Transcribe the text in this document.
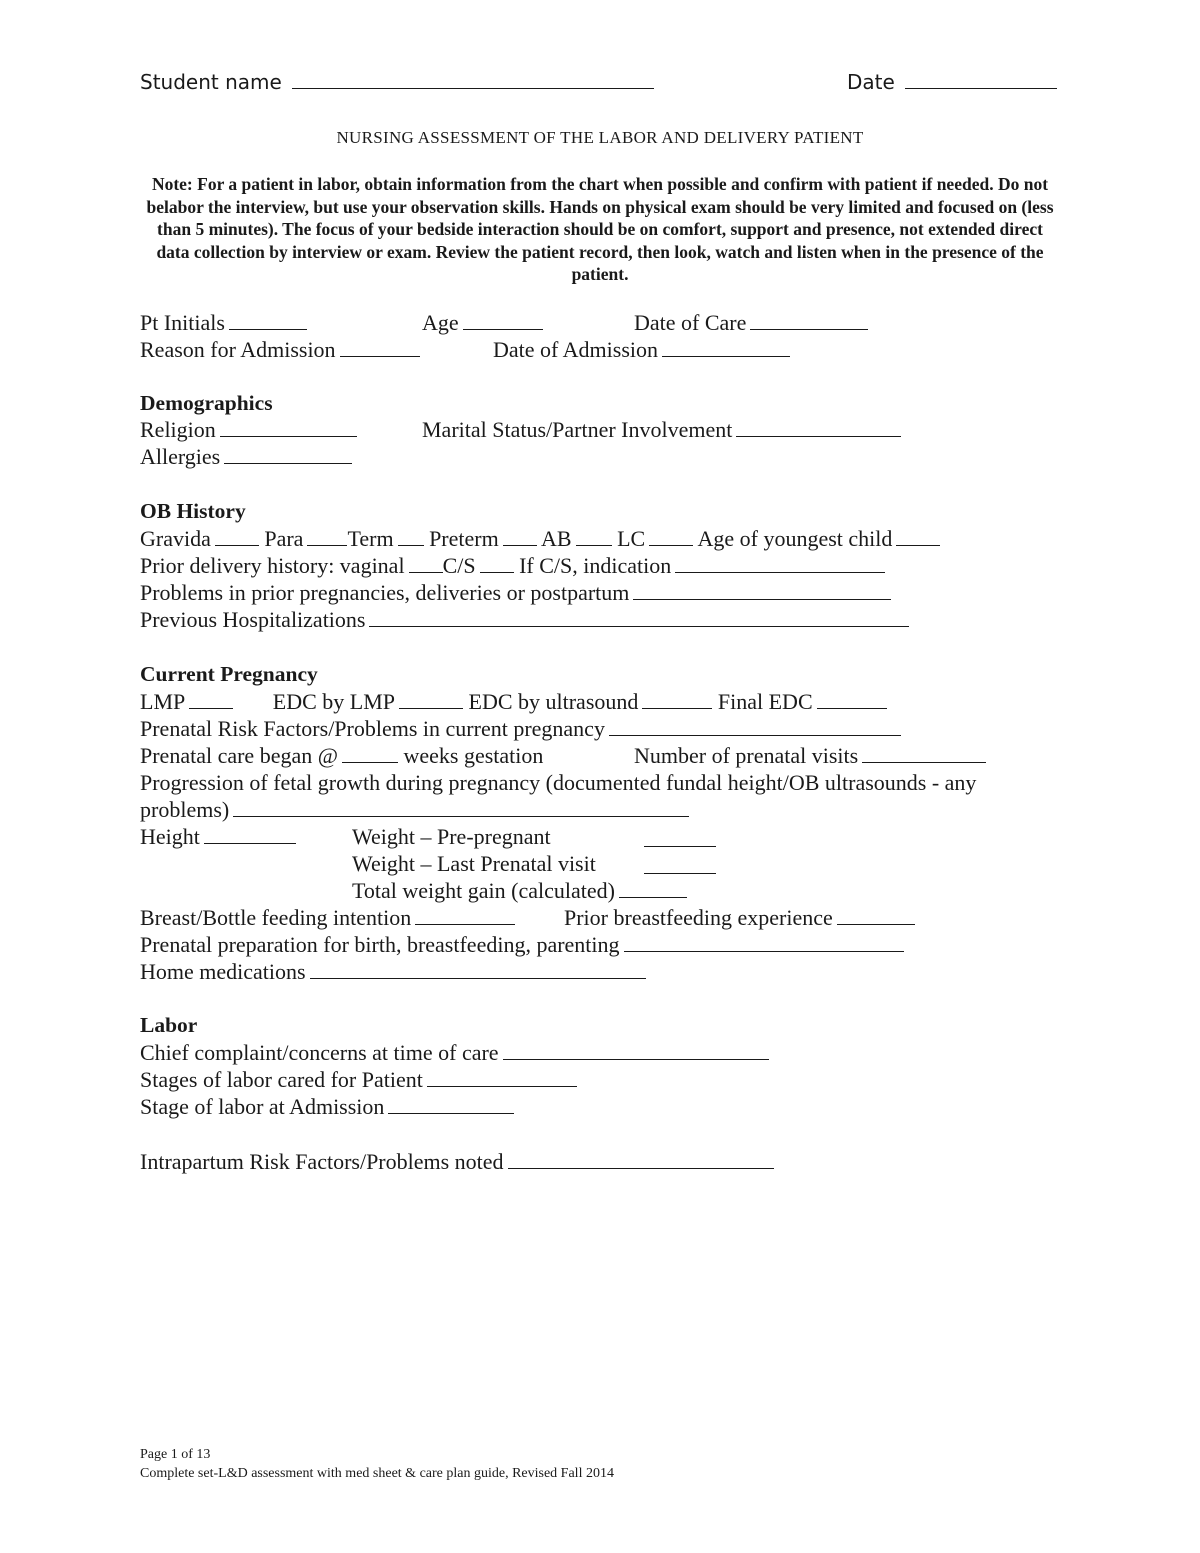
Student name	Date
NURSING ASSESSMENT OF THE LABOR AND DELIVERY PATIENT
Note: For a patient in labor, obtain information from the chart when possible and confirm with patient if needed. Do not belabor the interview, but use your observation skills. Hands on physical exam should be very limited and focused on (less than 5 minutes). The focus of your bedside interaction should be on comfort, support and presence, not extended direct data collection by interview or exam. Review the patient record, then look, watch and listen when in the presence of the patient.
Pt Initials	Age	Date of Care
Reason for Admission	Date of Admission
Demographics
Religion	Marital Status/Partner Involvement
Allergies
OB History
Gravida Para Term Preterm AB LC Age of youngest child
Prior delivery history: vaginal C/S If C/S, indication
Problems in prior pregnancies, deliveries or postpartum
Previous Hospitalizations
Current Pregnancy
LMP	EDC by LMP	EDC by ultrasound	Final EDC
Prenatal Risk Factors/Problems in current pregnancy
Prenatal care began @	weeks gestation	Number of prenatal visits
Progression of fetal growth during pregnancy (documented fundal height/OB ultrasounds - any
problems)
Height	Weight – Pre-pregnant
Weight – Last Prenatal visit
Total weight gain (calculated)
Breast/Bottle feeding intention	Prior breastfeeding experience
Prenatal preparation for birth, breastfeeding, parenting
Home medications
Labor
Chief complaint/concerns at time of care
Stages of labor cared for Patient
Stage of labor at Admission
Intrapartum Risk Factors/Problems noted
Page 1 of 13
Complete set-L&D assessment with med sheet & care plan guide, Revised Fall 2014
